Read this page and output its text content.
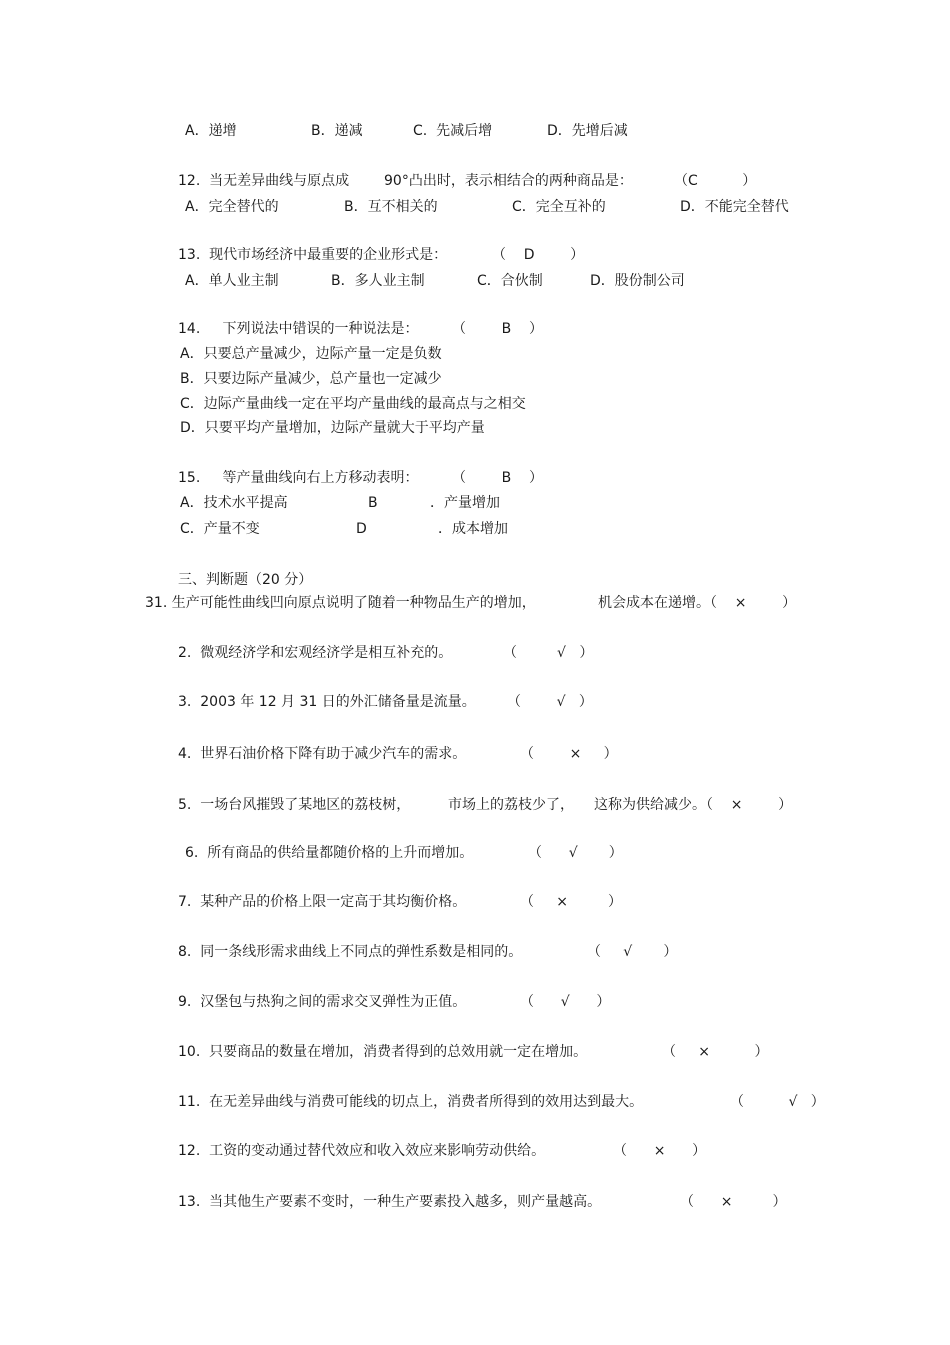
A．递增	B．递减	C.  先减后增	D．先增后减
12.  当无差异曲线与原点成 90°凸出时，表示相结合的两种商品是：	（C          ）
A．完全替代的	B．互不相关的	C．完全互补的	D．不能完全替代
13.  现代市场经济中最重要的企业形式是：	（    D        ）
A．单人业主制	B．多人业主制	C．合伙制	D．股份制公司
14.     下列说法中错误的一种说法是： （        B    ）
A．只要总产量减少，边际产量一定是负数
B．只要边际产量减少，总产量也一定减少
C．边际产量曲线一定在平均产量曲线的最高点与之相交
D．只要平均产量增加，边际产量就大于平均产量
15.     等产量曲线向右上方移动表明： （        B    ）
A．技术水平提高	B	．产量增加
C．产量不变	D	．成本增加
三、判断题（20 分）
31. 生产可能性曲线凹向原点说明了随着一种物品生产的增加，	机会成本在递增。（    ×        ）
2.  微观经济学和宏观经济学是相互补充的。	（         √   ）
3.  2003 年 12 月 31 日的外汇储备量是流量。 （        √   ）
4.  世界石油价格下降有助于减少汽车的需求。	（        ×     ）
5.  一场台风摧毁了某地区的荔枝树，	市场上的荔枝少了， 这称为供给减少。（    ×        ）
6.  所有商品的供给量都随价格的上升而增加。	（      √       ）
7.  某种产品的价格上限一定高于其均衡价格。	（     ×         ）
8.  同一条线形需求曲线上不同点的弹性系数是相同的。	（     √       ）
9.  汉堡包与热狗之间的需求交叉弹性为正值。	（      √      ）
10.  只要商品的数量在增加，消费者得到的总效用就一定在增加。	（     ×          ）
11.  在无差异曲线与消费可能线的切点上，消费者所得到的效用达到最大。	（          √   ）
12.  工资的变动通过替代效应和收入效应来影响劳动供给。	（      ×      ）
13.  当其他生产要素不变时，一种生产要素投入越多，则产量越高。	（      ×         ）
